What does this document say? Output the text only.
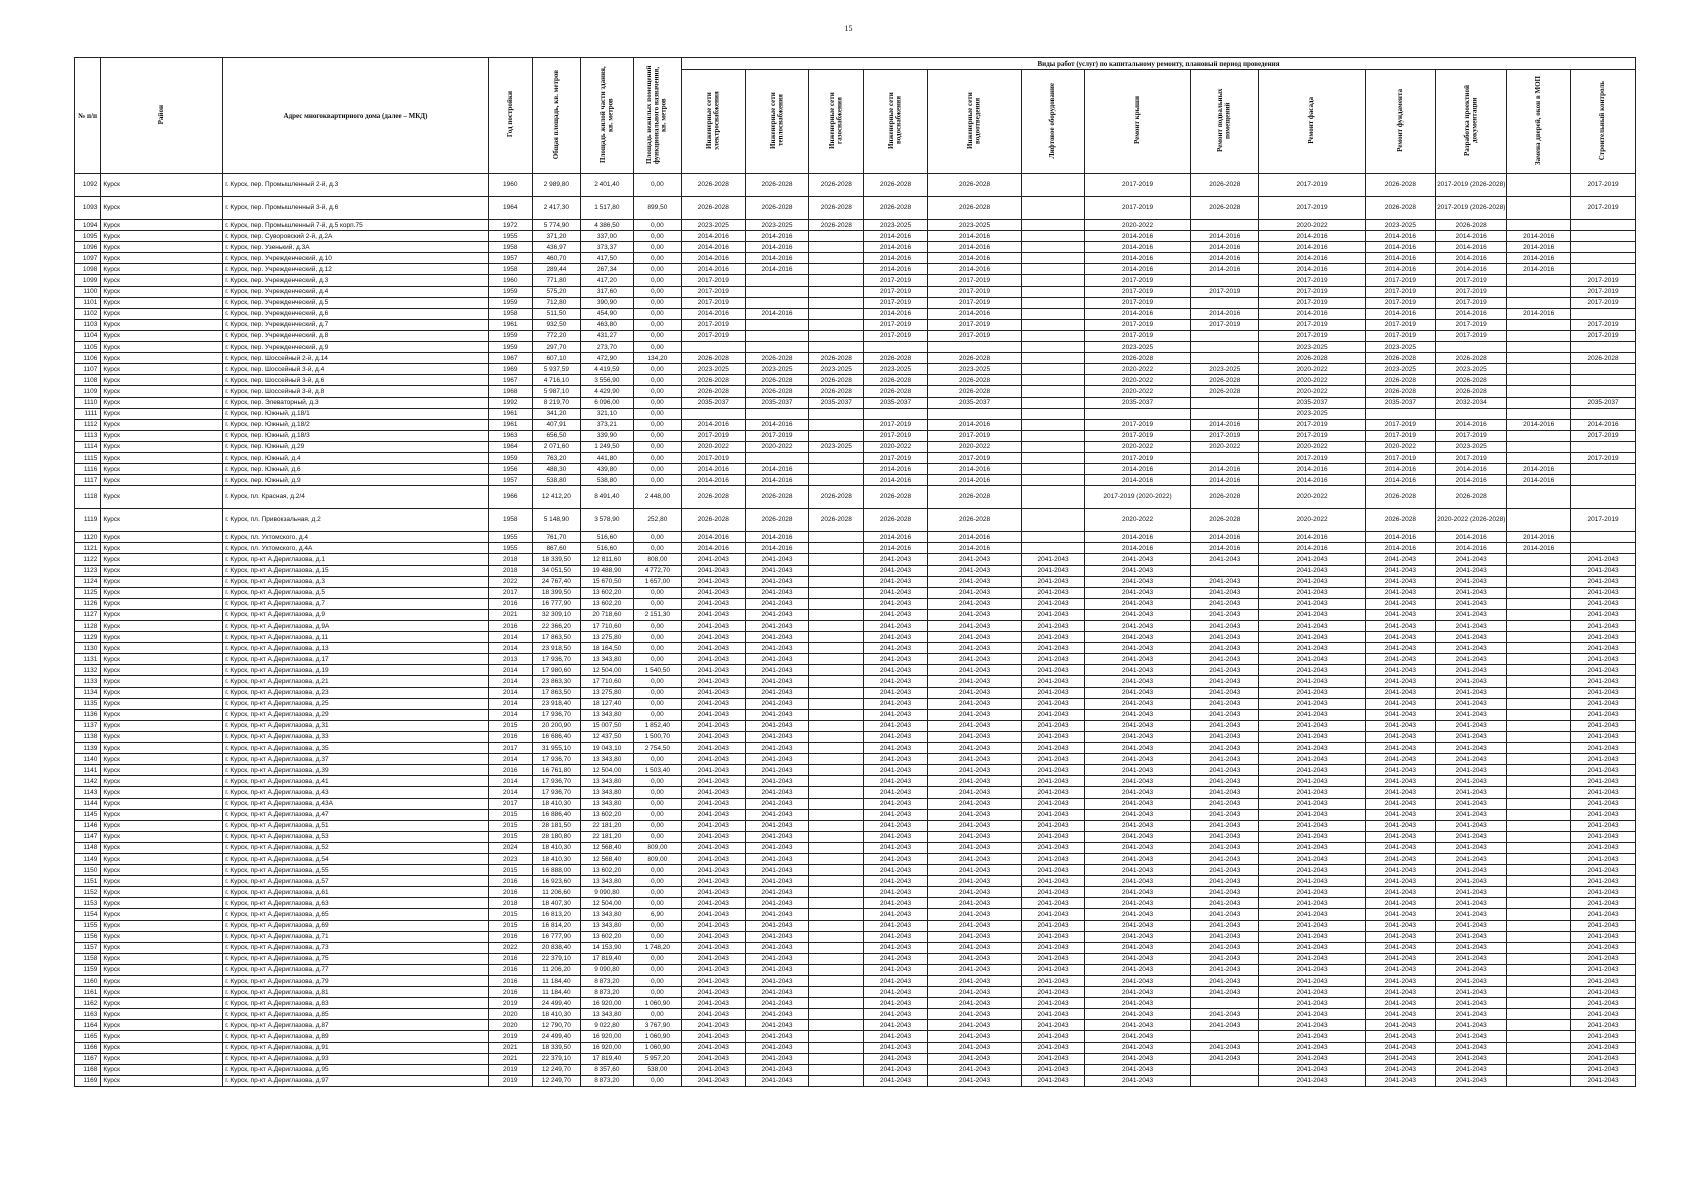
15
№ п/п	Район	Адрес многоквартирного дома (далее – МКД)	Год постройки	Общая площадь, кв. метров	Площадь жилой части здания, кв. метров	Площадь нежилых помещений функционального назначения, кв. метров	Виды работ (услуг) по капитальному ремонту, плановый период проведения												
							Инженерные сети электроснабжения	Инженерные сети теплоснабжения	Инженерные сети газоснабжения	Инженерные сети водоснабжения	Инженерные сети водоотведения	Лифтовое оборудование	Ремонт крыши	Ремонт подвальных помещений	Ремонт фасада	Ремонт фундамента	Разработка проектной документации	Замена дверей, окон в МОП	Строительный контроль
1092	Курск	г. Курск, пер. Промышленный 2-й, д.3	1960	2 989,80	2 401,40	0,00	2026-2028	2026-2028	2026-2028	2026-2028	2026-2028		2017-2019	2026-2028	2017-2019	2026-2028	2017-2019 (2026-2028)		2017-2019
1093	Курск	г. Курск, пер. Промышленный 3-й, д.6	1964	2 417,30	1 517,80	899,50	2026-2028	2026-2028	2026-2028	2026-2028	2026-2028		2017-2019	2026-2028	2017-2019	2026-2028	2017-2019 (2026-2028)		2017-2019
1094	Курск	г. Курск, пер. Промышленный 7-й, д.5 корп.75	1972	5 774,90	4 386,50	0,00	2023-2025	2023-2025	2026-2028	2023-2025	2023-2025		2020-2022		2020-2022	2023-2025	2026-2028		
1095	Курск	г. Курск, пер. Суворовский 2-й, д.2А	1955	371,20	337,00	0,00	2014-2016	2014-2016		2014-2016	2014-2016		2014-2016	2014-2016	2014-2016	2014-2016	2014-2016	2014-2016	
1096	Курск	г. Курск, пер. Узенький, д.3А	1958	436,97	373,37	0,00	2014-2016	2014-2016		2014-2016	2014-2016		2014-2016	2014-2016	2014-2016	2014-2016	2014-2016	2014-2016	
1097	Курск	г. Курск, пер. Учрежденческий, д.10	1957	460,70	417,50	0,00	2014-2016	2014-2016		2014-2016	2014-2016		2014-2016	2014-2016	2014-2016	2014-2016	2014-2016	2014-2016	
1098	Курск	г. Курск, пер. Учрежденческий, д.12	1958	289,44	267,34	0,00	2014-2016	2014-2016		2014-2016	2014-2016		2014-2016	2014-2016	2014-2016	2014-2016	2014-2016	2014-2016	
1099	Курск	г. Курск, пер. Учрежденческий, д.3	1960	771,80	417,20	0,00	2017-2019			2017-2019	2017-2019		2017-2019		2017-2019	2017-2019	2017-2019		2017-2019
1100	Курск	г. Курск, пер. Учрежденческий, д.4	1959	575,20	317,60	0,00	2017-2019			2017-2019	2017-2019		2017-2019	2017-2019	2017-2019	2017-2019	2017-2019		2017-2019
1101	Курск	г. Курск, пер. Учрежденческий, д.5	1959	712,80	390,90	0,00	2017-2019			2017-2019	2017-2019		2017-2019		2017-2019	2017-2019	2017-2019		2017-2019
1102	Курск	г. Курск, пер. Учрежденческий, д.6	1958	511,50	454,90	0,00	2014-2016	2014-2016		2014-2016	2014-2016		2014-2016	2014-2016	2014-2016	2014-2016	2014-2016	2014-2016	
1103	Курск	г. Курск, пер. Учрежденческий, д.7	1961	932,50	463,80	0,00	2017-2019			2017-2019	2017-2019		2017-2019	2017-2019	2017-2019	2017-2019	2017-2019		2017-2019
1104	Курск	г. Курск, пер. Учрежденческий, д.8	1959	772,20	431,27	0,00	2017-2019			2017-2019	2017-2019		2017-2019		2017-2019	2017-2019	2017-2019		2017-2019
1105	Курск	г. Курск, пер. Учрежденческий, д.9	1959	297,70	273,70	0,00							2023-2025		2023-2025	2023-2025			
1106	Курск	г. Курск, пер. Шоссейный 2-й, д.14	1967	607,10	472,90	134,20	2026-2028	2026-2028	2026-2028	2026-2028	2026-2028		2026-2028		2026-2028	2026-2028	2026-2028		2026-2028
1107	Курск	г. Курск, пер. Шоссейный 3-й, д.4	1969	5 937,59	4 419,59	0,00	2023-2025	2023-2025	2023-2025	2023-2025	2023-2025		2020-2022	2023-2025	2020-2022	2023-2025	2023-2025		
1108	Курск	г. Курск, пер. Шоссейный 3-й, д.6	1967	4 716,10	3 556,90	0,00	2026-2028	2026-2028	2026-2028	2026-2028	2026-2028		2020-2022	2026-2028	2020-2022	2026-2028	2026-2028		
1109	Курск	г. Курск, пер. Шоссейный 3-й, д.8	1968	5 987,10	4 429,90	0,00	2026-2028	2026-2028	2026-2028	2026-2028	2026-2028		2020-2022	2026-2028	2020-2022	2026-2028	2026-2028		
1110	Курск	г. Курск, пер. Элеваторный, д.3	1992	8 219,70	6 096,00	0,00	2035-2037	2035-2037	2035-2037	2035-2037	2035-2037		2035-2037		2035-2037	2035-2037	2032-2034		2035-2037
1111	Курск	г. Курск, пер. Южный, д.18/1	1961	341,20	321,10	0,00									2023-2025				
1112	Курск	г. Курск, пер. Южный, д.18/2	1961	407,91	373,21	0,00	2014-2016	2014-2016		2017-2019	2014-2016		2017-2019	2014-2016	2017-2019	2017-2019	2014-2016	2014-2016	2014-2016
1113	Курск	г. Курск, пер. Южный, д.18/3	1963	656,50	339,90	0,00	2017-2019	2017-2019		2017-2019	2017-2019		2017-2019	2017-2019	2017-2019	2017-2019	2017-2019		2017-2019
1114	Курск	г. Курск, пер. Южный, д.29	1964	2 071,60	1 249,50	0,00	2020-2022	2020-2022	2023-2025	2020-2022	2020-2022		2020-2022	2020-2022	2020-2022	2020-2022	2023-2025		
1115	Курск	г. Курск, пер. Южный, д.4	1959	763,20	441,80	0,00	2017-2019			2017-2019	2017-2019		2017-2019		2017-2019	2017-2019	2017-2019		2017-2019
1116	Курск	г. Курск, пер. Южный, д.6	1956	488,30	439,80	0,00	2014-2016	2014-2016		2014-2016	2014-2016		2014-2016	2014-2016	2014-2016	2014-2016	2014-2016	2014-2016	
1117	Курск	г. Курск, пер. Южный, д.9	1957	538,80	538,80	0,00	2014-2016	2014-2016		2014-2016	2014-2016		2014-2016	2014-2016	2014-2016	2014-2016	2014-2016	2014-2016	
1118	Курск	г. Курск, пл. Красная, д.2/4	1966	12 412,20	8 491,40	2 448,00	2026-2028	2026-2028	2026-2028	2026-2028	2026-2028		2017-2019 (2020-2022)	2026-2028	2020-2022	2026-2028	2026-2028		
1119	Курск	г. Курск, пл. Привокзальная, д.2	1958	5 148,90	3 578,90	252,80	2026-2028	2026-2028	2026-2028	2026-2028	2026-2028		2020-2022	2026-2028	2020-2022	2026-2028	2020-2022 (2026-2028)		2017-2019
1120	Курск	г. Курск, пл. Ухтомского, д.4	1955	761,70	516,60	0,00	2014-2016	2014-2016		2014-2016	2014-2016		2014-2016	2014-2016	2014-2016	2014-2016	2014-2016	2014-2016	
1121	Курск	г. Курск, пл. Ухтомского, д.4А	1955	867,60	516,60	0,00	2014-2016	2014-2016		2014-2016	2014-2016		2014-2016	2014-2016	2014-2016	2014-2016	2014-2016	2014-2016	
1122	Курск	г. Курск, пр-кт А.Дериглазова, д.1	2018	18 339,50	12 811,60	808,00	2041-2043	2041-2043		2041-2043	2041-2043	2041-2043	2041-2043	2041-2043	2041-2043	2041-2043	2041-2043		2041-2043
1123	Курск	г. Курск, пр-кт А.Дериглазова, д.15	2018	34 051,50	19 488,90	4 772,70	2041-2043	2041-2043		2041-2043	2041-2043	2041-2043	2041-2043		2041-2043	2041-2043	2041-2043		2041-2043
1124	Курск	г. Курск, пр-кт А.Дериглазова, д.3	2022	24 767,40	15 670,50	1 657,00	2041-2043	2041-2043		2041-2043	2041-2043	2041-2043	2041-2043	2041-2043	2041-2043	2041-2043	2041-2043		2041-2043
1125	Курск	г. Курск, пр-кт А.Дериглазова, д.5	2017	18 399,50	13 602,20	0,00	2041-2043	2041-2043		2041-2043	2041-2043	2041-2043	2041-2043	2041-2043	2041-2043	2041-2043	2041-2043		2041-2043
1126	Курск	г. Курск, пр-кт А.Дериглазова, д.7	2016	16 777,90	13 602,20	0,00	2041-2043	2041-2043		2041-2043	2041-2043	2041-2043	2041-2043	2041-2043	2041-2043	2041-2043	2041-2043		2041-2043
1127	Курск	г. Курск, пр-кт А.Дериглазова, д.9	2021	32 309,10	20 718,60	2 151,30	2041-2043	2041-2043		2041-2043	2041-2043	2041-2043	2041-2043	2041-2043	2041-2043	2041-2043	2041-2043		2041-2043
1128	Курск	г. Курск, пр-кт А.Дериглазова, д.9А	2016	22 366,20	17 710,60	0,00	2041-2043	2041-2043		2041-2043	2041-2043	2041-2043	2041-2043	2041-2043	2041-2043	2041-2043	2041-2043		2041-2043
1129	Курск	г. Курск, пр-кт А.Дериглазова, д.11	2014	17 863,50	13 275,80	0,00	2041-2043	2041-2043		2041-2043	2041-2043	2041-2043	2041-2043	2041-2043	2041-2043	2041-2043	2041-2043		2041-2043
1130	Курск	г. Курск, пр-кт А.Дериглазова, д.13	2014	23 918,50	18 164,50	0,00	2041-2043	2041-2043		2041-2043	2041-2043	2041-2043	2041-2043	2041-2043	2041-2043	2041-2043	2041-2043		2041-2043
1131	Курск	г. Курск, пр-кт А.Дериглазова, д.17	2013	17 936,70	13 343,80	0,00	2041-2043	2041-2043		2041-2043	2041-2043	2041-2043	2041-2043	2041-2043	2041-2043	2041-2043	2041-2043		2041-2043
1132	Курск	г. Курск, пр-кт А.Дериглазова, д.19	2014	17 980,60	12 504,00	1 540,50	2041-2043	2041-2043		2041-2043	2041-2043	2041-2043	2041-2043	2041-2043	2041-2043	2041-2043	2041-2043		2041-2043
1133	Курск	г. Курск, пр-кт А.Дериглазова, д.21	2014	23 863,30	17 710,60	0,00	2041-2043	2041-2043		2041-2043	2041-2043	2041-2043	2041-2043	2041-2043	2041-2043	2041-2043	2041-2043		2041-2043
1134	Курск	г. Курск, пр-кт А.Дериглазова, д.23	2014	17 863,50	13 275,80	0,00	2041-2043	2041-2043		2041-2043	2041-2043	2041-2043	2041-2043	2041-2043	2041-2043	2041-2043	2041-2043		2041-2043
1135	Курск	г. Курск, пр-кт А.Дериглазова, д.25	2014	23 918,40	18 127,40	0,00	2041-2043	2041-2043		2041-2043	2041-2043	2041-2043	2041-2043	2041-2043	2041-2043	2041-2043	2041-2043		2041-2043
1136	Курск	г. Курск, пр-кт А.Дериглазова, д.29	2014	17 936,70	13 343,80	0,00	2041-2043	2041-2043		2041-2043	2041-2043	2041-2043	2041-2043	2041-2043	2041-2043	2041-2043	2041-2043		2041-2043
1137	Курск	г. Курск, пр-кт А.Дериглазова, д.31	2015	20 200,90	15 007,50	1 852,40	2041-2043	2041-2043		2041-2043	2041-2043	2041-2043	2041-2043	2041-2043	2041-2043	2041-2043	2041-2043		2041-2043
1138	Курск	г. Курск, пр-кт А.Дериглазова, д.33	2016	16 686,40	12 437,50	1 500,70	2041-2043	2041-2043		2041-2043	2041-2043	2041-2043	2041-2043	2041-2043	2041-2043	2041-2043	2041-2043		2041-2043
1139	Курск	г. Курск, пр-кт А.Дериглазова, д.35	2017	31 955,10	19 043,10	2 754,50	2041-2043	2041-2043		2041-2043	2041-2043	2041-2043	2041-2043	2041-2043	2041-2043	2041-2043	2041-2043		2041-2043
1140	Курск	г. Курск, пр-кт А.Дериглазова, д.37	2014	17 936,70	13 343,80	0,00	2041-2043	2041-2043		2041-2043	2041-2043	2041-2043	2041-2043	2041-2043	2041-2043	2041-2043	2041-2043		2041-2043
1141	Курск	г. Курск, пр-кт А.Дериглазова, д.39	2016	16 761,80	12 504,00	1 503,40	2041-2043	2041-2043		2041-2043	2041-2043	2041-2043	2041-2043	2041-2043	2041-2043	2041-2043	2041-2043		2041-2043
1142	Курск	г. Курск, пр-кт А.Дериглазова, д.41	2014	17 936,70	13 343,80	0,00	2041-2043	2041-2043		2041-2043	2041-2043	2041-2043	2041-2043	2041-2043	2041-2043	2041-2043	2041-2043		2041-2043
1143	Курск	г. Курск, пр-кт А.Дериглазова, д.43	2014	17 936,70	13 343,80	0,00	2041-2043	2041-2043		2041-2043	2041-2043	2041-2043	2041-2043	2041-2043	2041-2043	2041-2043	2041-2043		2041-2043
1144	Курск	г. Курск, пр-кт А.Дериглазова, д.43А	2017	18 410,30	13 343,80	0,00	2041-2043	2041-2043		2041-2043	2041-2043	2041-2043	2041-2043	2041-2043	2041-2043	2041-2043	2041-2043		2041-2043
1145	Курск	г. Курск, пр-кт А.Дериглазова, д.47	2015	16 886,40	13 602,20	0,00	2041-2043	2041-2043		2041-2043	2041-2043	2041-2043	2041-2043	2041-2043	2041-2043	2041-2043	2041-2043		2041-2043
1146	Курск	г. Курск, пр-кт А.Дериглазова, д.51	2015	28 181,50	22 181,20	0,00	2041-2043	2041-2043		2041-2043	2041-2043	2041-2043	2041-2043	2041-2043	2041-2043	2041-2043	2041-2043		2041-2043
1147	Курск	г. Курск, пр-кт А.Дериглазова, д.53	2015	28 180,80	22 181,20	0,00	2041-2043	2041-2043		2041-2043	2041-2043	2041-2043	2041-2043	2041-2043	2041-2043	2041-2043	2041-2043		2041-2043
1148	Курск	г. Курск, пр-кт А.Дериглазова, д.52	2024	18 410,30	12 568,40	809,00	2041-2043	2041-2043		2041-2043	2041-2043	2041-2043	2041-2043	2041-2043	2041-2043	2041-2043	2041-2043		2041-2043
1149	Курск	г. Курск, пр-кт А.Дериглазова, д.54	2023	18 410,30	12 568,40	809,00	2041-2043	2041-2043		2041-2043	2041-2043	2041-2043	2041-2043	2041-2043	2041-2043	2041-2043	2041-2043		2041-2043
1150	Курск	г. Курск, пр-кт А.Дериглазова, д.55	2015	16 888,00	13 602,20	0,00	2041-2043	2041-2043		2041-2043	2041-2043	2041-2043	2041-2043	2041-2043	2041-2043	2041-2043	2041-2043		2041-2043
1151	Курск	г. Курск, пр-кт А.Дериглазова, д.57	2016	16 923,60	13 343,80	0,00	2041-2043	2041-2043		2041-2043	2041-2043	2041-2043	2041-2043	2041-2043	2041-2043	2041-2043	2041-2043		2041-2043
1152	Курск	г. Курск, пр-кт А.Дериглазова, д.61	2016	11 206,60	9 090,80	0,00	2041-2043	2041-2043		2041-2043	2041-2043	2041-2043	2041-2043	2041-2043	2041-2043	2041-2043	2041-2043		2041-2043
1153	Курск	г. Курск, пр-кт А.Дериглазова, д.63	2018	18 407,30	12 504,00	0,00	2041-2043	2041-2043		2041-2043	2041-2043	2041-2043	2041-2043	2041-2043	2041-2043	2041-2043	2041-2043		2041-2043
1154	Курск	г. Курск, пр-кт А.Дериглазова, д.65	2015	16 813,20	13 343,80	6,90	2041-2043	2041-2043		2041-2043	2041-2043	2041-2043	2041-2043	2041-2043	2041-2043	2041-2043	2041-2043		2041-2043
1155	Курск	г. Курск, пр-кт А.Дериглазова, д.69	2015	16 814,20	13 343,80	0,00	2041-2043	2041-2043		2041-2043	2041-2043	2041-2043	2041-2043	2041-2043	2041-2043	2041-2043	2041-2043		2041-2043
1156	Курск	г. Курск, пр-кт А.Дериглазова, д.71	2016	16 777,90	13 602,20	0,00	2041-2043	2041-2043		2041-2043	2041-2043	2041-2043	2041-2043	2041-2043	2041-2043	2041-2043	2041-2043		2041-2043
1157	Курск	г. Курск, пр-кт А.Дериглазова, д.73	2022	20 838,40	14 153,90	1 748,20	2041-2043	2041-2043		2041-2043	2041-2043	2041-2043	2041-2043	2041-2043	2041-2043	2041-2043	2041-2043		2041-2043
1158	Курск	г. Курск, пр-кт А.Дериглазова, д.75	2016	22 379,10	17 819,40	0,00	2041-2043	2041-2043		2041-2043	2041-2043	2041-2043	2041-2043	2041-2043	2041-2043	2041-2043	2041-2043		2041-2043
1159	Курск	г. Курск, пр-кт А.Дериглазова, д.77	2016	11 206,20	9 090,80	0,00	2041-2043	2041-2043		2041-2043	2041-2043	2041-2043	2041-2043	2041-2043	2041-2043	2041-2043	2041-2043		2041-2043
1160	Курск	г. Курск, пр-кт А.Дериглазова, д.79	2016	11 184,40	8 873,20	0,00	2041-2043	2041-2043		2041-2043	2041-2043	2041-2043	2041-2043	2041-2043	2041-2043	2041-2043	2041-2043		2041-2043
1161	Курск	г. Курск, пр-кт А.Дериглазова, д.81	2016	11 184,40	8 873,20	0,00	2041-2043	2041-2043		2041-2043	2041-2043	2041-2043	2041-2043	2041-2043	2041-2043	2041-2043	2041-2043		2041-2043
1162	Курск	г. Курск, пр-кт А.Дериглазова, д.83	2019	24 499,40	16 920,00	1 060,90	2041-2043	2041-2043		2041-2043	2041-2043	2041-2043	2041-2043		2041-2043	2041-2043	2041-2043		2041-2043
1163	Курск	г. Курск, пр-кт А.Дериглазова, д.85	2020	18 410,30	13 343,80	0,00	2041-2043	2041-2043		2041-2043	2041-2043	2041-2043	2041-2043	2041-2043	2041-2043	2041-2043	2041-2043		2041-2043
1164	Курск	г. Курск, пр-кт А.Дериглазова, д.87	2020	12 790,70	9 022,80	3 767,90	2041-2043	2041-2043		2041-2043	2041-2043	2041-2043	2041-2043	2041-2043	2041-2043	2041-2043	2041-2043		2041-2043
1165	Курск	г. Курск, пр-кт А.Дериглазова, д.89	2019	24 499,40	16 920,00	1 060,90	2041-2043	2041-2043		2041-2043	2041-2043	2041-2043	2041-2043		2041-2043	2041-2043	2041-2043		2041-2043
1166	Курск	г. Курск, пр-кт А.Дериглазова, д.91	2021	18 339,50	16 920,00	1 060,90	2041-2043	2041-2043		2041-2043	2041-2043	2041-2043	2041-2043	2041-2043	2041-2043	2041-2043	2041-2043		2041-2043
1167	Курск	г. Курск, пр-кт А.Дериглазова, д.93	2021	22 379,10	17 819,40	5 957,20	2041-2043	2041-2043		2041-2043	2041-2043	2041-2043	2041-2043	2041-2043	2041-2043	2041-2043	2041-2043		2041-2043
1168	Курск	г. Курск, пр-кт А.Дериглазова, д.95	2019	12 249,70	8 357,60	538,00	2041-2043	2041-2043		2041-2043	2041-2043	2041-2043	2041-2043		2041-2043	2041-2043	2041-2043		2041-2043
1169	Курск	г. Курск, пр-кт А.Дериглазова, д.97	2019	12 249,70	8 873,20	0,00	2041-2043	2041-2043		2041-2043	2041-2043	2041-2043	2041-2043		2041-2043	2041-2043	2041-2043		2041-2043
